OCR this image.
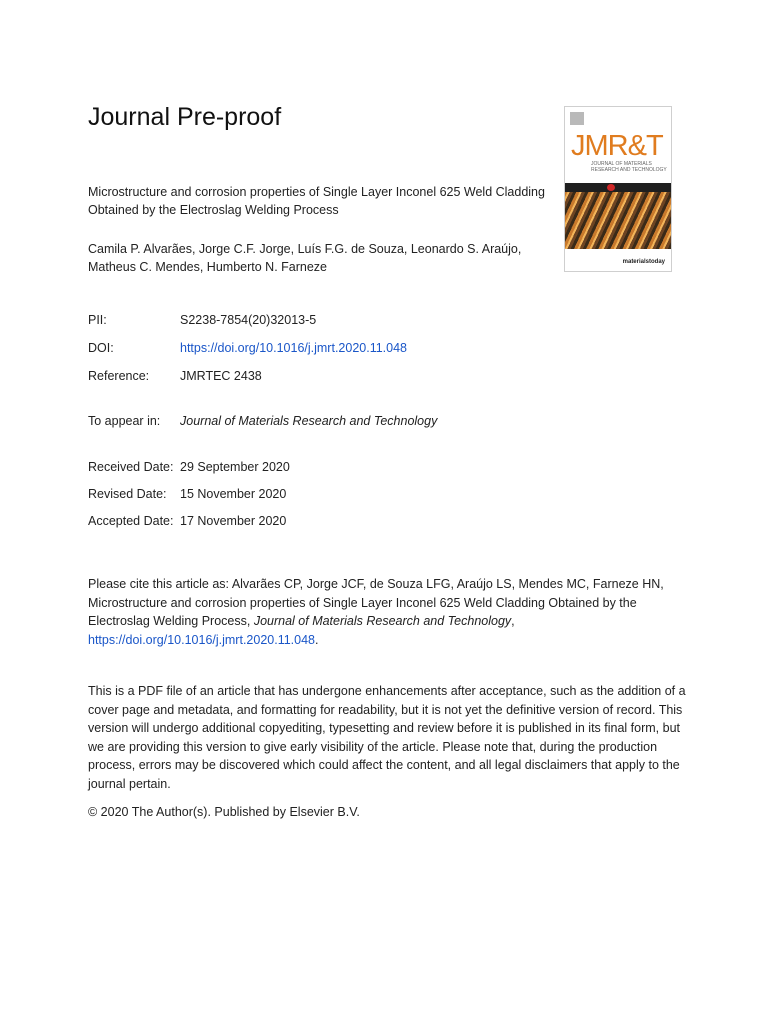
Journal Pre-proof
JMR&T
JOURNAL OF MATERIALS RESEARCH AND TECHNOLOGY
materialstoday
Microstructure and corrosion properties of Single Layer Inconel 625 Weld Cladding Obtained by the Electroslag Welding Process
Camila P. Alvarães, Jorge C.F. Jorge, Luís F.G. de Souza, Leonardo S. Araújo, Matheus C. Mendes, Humberto N. Farneze
PII:	S2238-7854(20)32013-5
DOI:	https://doi.org/10.1016/j.jmrt.2020.11.048
Reference: JMRTEC 2438
To appear in: Journal of Materials Research and Technology
Received Date: 29 September 2020
Revised Date: 15 November 2020
Accepted Date: 17 November 2020
Please cite this article as: Alvarães CP, Jorge JCF, de Souza LFG, Araújo LS, Mendes MC, Farneze HN, Microstructure and corrosion properties of Single Layer Inconel 625 Weld Cladding Obtained by the Electroslag Welding Process, Journal of Materials Research and Technology, https://doi.org/10.1016/j.jmrt.2020.11.048.
This is a PDF file of an article that has undergone enhancements after acceptance, such as the addition of a cover page and metadata, and formatting for readability, but it is not yet the definitive version of record. This version will undergo additional copyediting, typesetting and review before it is published in its final form, but we are providing this version to give early visibility of the article. Please note that, during the production process, errors may be discovered which could affect the content, and all legal disclaimers that apply to the journal pertain.
© 2020 The Author(s). Published by Elsevier B.V.
